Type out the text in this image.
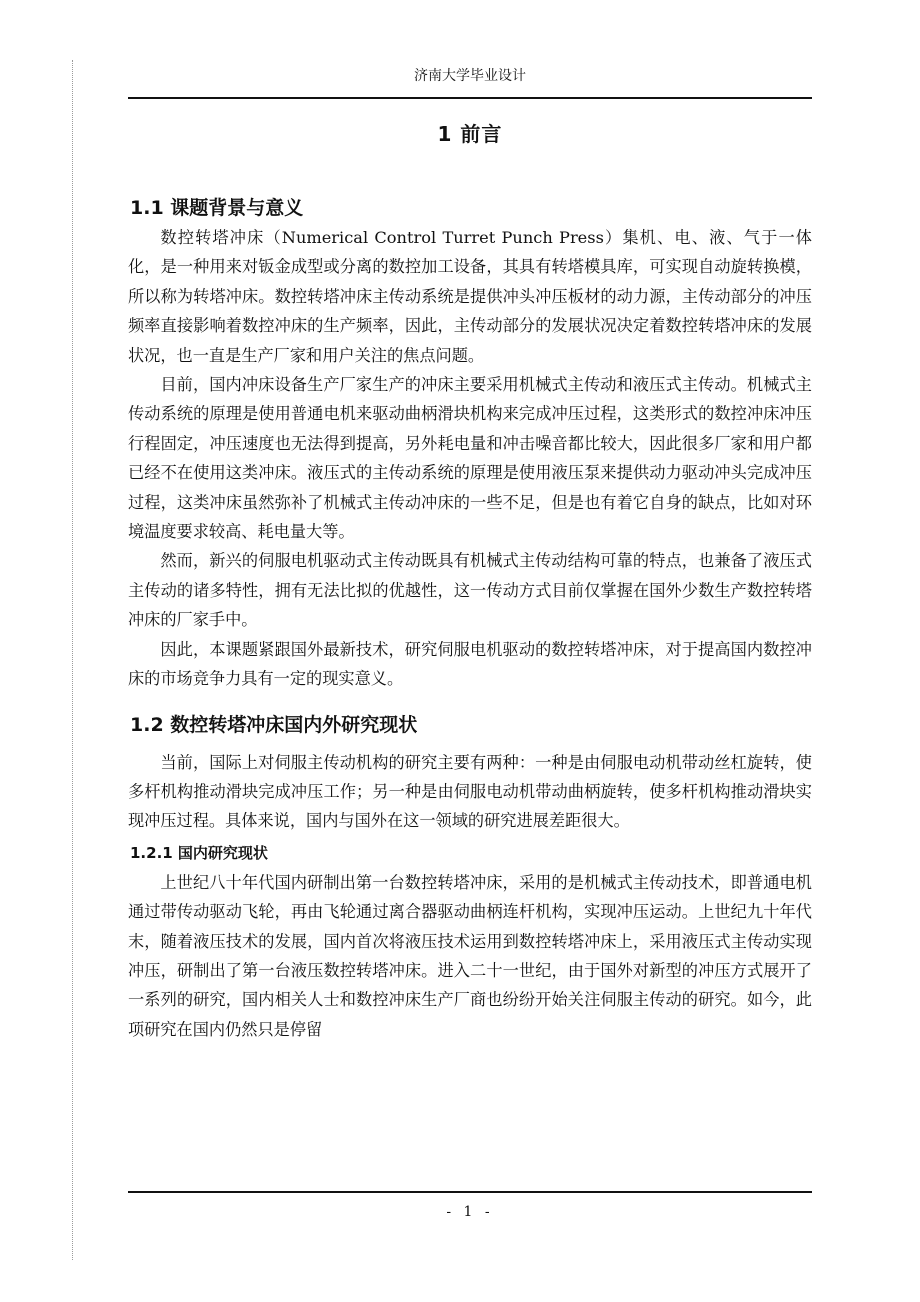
济南大学毕业设计
1 前言
1.1 课题背景与意义

数控转塔冲床（Numerical Control Turret Punch Press）集机、电、液、气于一体化，是一种用来对钣金成型或分离的数控加工设备，其具有转塔模具库，可实现自动旋转换模，所以称为转塔冲床。数控转塔冲床主传动系统是提供冲头冲压板材的动力源，主传动部分的冲压频率直接影响着数控冲床的生产频率，因此，主传动部分的发展状况决定着数控转塔冲床的发展状况，也一直是生产厂家和用户关注的焦点问题。

目前，国内冲床设备生产厂家生产的冲床主要采用机械式主传动和液压式主传动。机械式主传动系统的原理是使用普通电机来驱动曲柄滑块机构来完成冲压过程，这类形式的数控冲床冲压行程固定，冲压速度也无法得到提高，另外耗电量和冲击噪音都比较大，因此很多厂家和用户都已经不在使用这类冲床。液压式的主传动系统的原理是使用液压泵来提供动力驱动冲头完成冲压过程，这类冲床虽然弥补了机械式主传动冲床的一些不足，但是也有着它自身的缺点，比如对环境温度要求较高、耗电量大等。

然而，新兴的伺服电机驱动式主传动既具有机械式主传动结构可靠的特点，也兼备了液压式主传动的诸多特性，拥有无法比拟的优越性，这一传动方式目前仅掌握在国外少数生产数控转塔冲床的厂家手中。

因此，本课题紧跟国外最新技术，研究伺服电机驱动的数控转塔冲床，对于提高国内数控冲床的市场竞争力具有一定的现实意义。

1.2 数控转塔冲床国内外研究现状

当前，国际上对伺服主传动机构的研究主要有两种：一种是由伺服电动机带动丝杠旋转，使多杆机构推动滑块完成冲压工作；另一种是由伺服电动机带动曲柄旋转，使多杆机构推动滑块实现冲压过程。具体来说，国内与国外在这一领域的研究进展差距很大。

1.2.1 国内研究现状

上世纪八十年代国内研制出第一台数控转塔冲床，采用的是机械式主传动技术，即普通电机通过带传动驱动飞轮，再由飞轮通过离合器驱动曲柄连杆机构，实现冲压运动。上世纪九十年代末，随着液压技术的发展，国内首次将液压技术运用到数控转塔冲床上，采用液压式主传动实现冲压，研制出了第一台液压数控转塔冲床。进入二十一世纪，由于国外对新型的冲压方式展开了一系列的研究，国内相关人士和数控冲床生产厂商也纷纷开始关注伺服主传动的研究。如今，此项研究在国内仍然只是停留

- 1 -
